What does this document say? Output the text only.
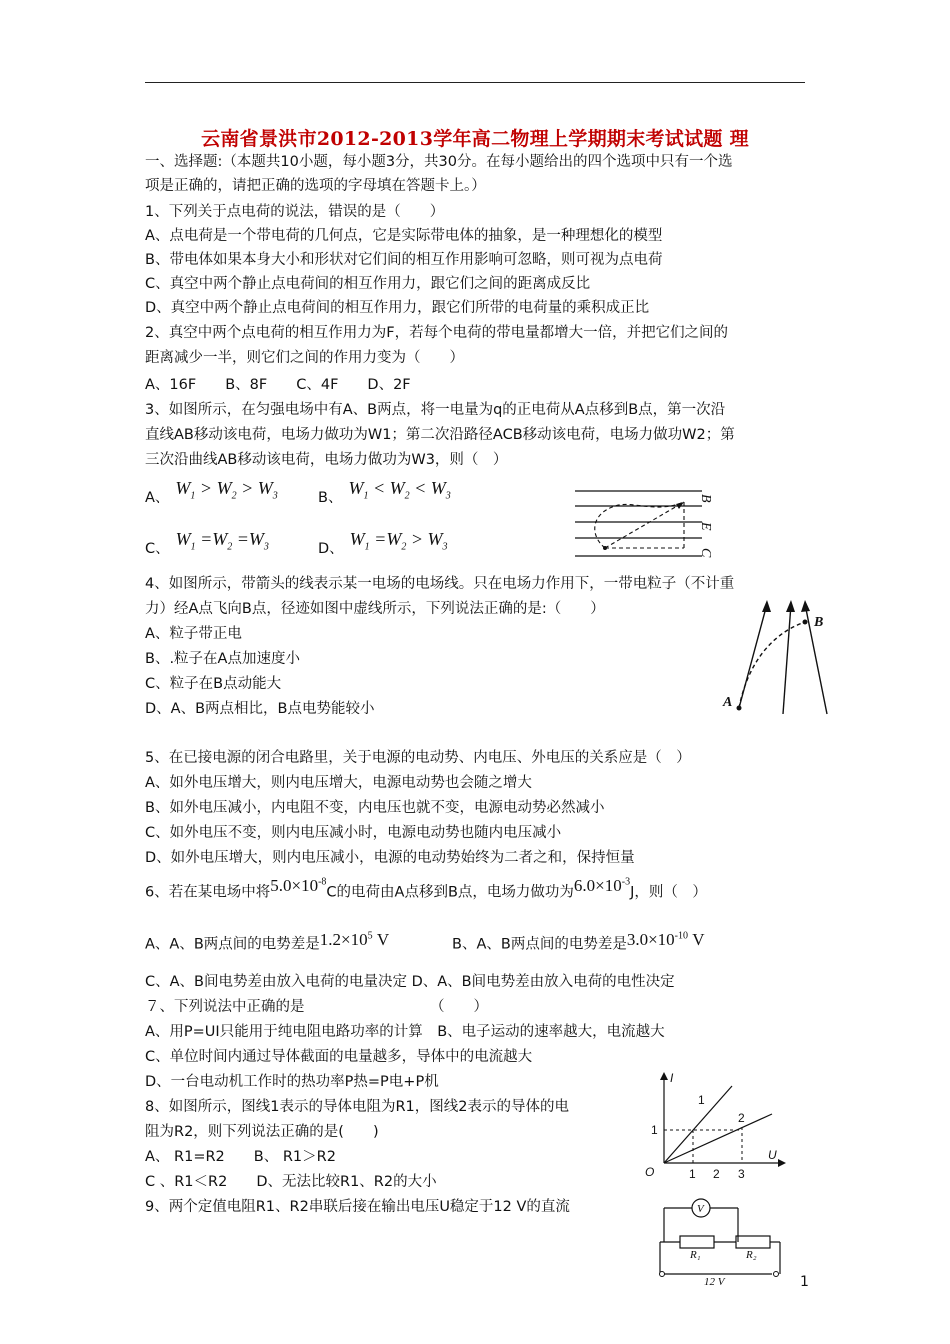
云南省景洪市2012-2013学年高二物理上学期期末考试试题 理
一、选择题:（本题共10小题，每小题3分，共30分。在每小题给出的四个选项中只有一个选
项是正确的，请把正确的选项的字母填在答题卡上。）
1、下列关于点电荷的说法，错误的是（　　）
A、点电荷是一个带电荷的几何点，它是实际带电体的抽象，是一种理想化的模型
B、带电体如果本身大小和形状对它们间的相互作用影响可忽略，则可视为点电荷
C、真空中两个静止点电荷间的相互作用力，跟它们之间的距离成反比
D、真空中两个静止点电荷间的相互作用力，跟它们所带的电荷量的乘积成正比
2、真空中两个点电荷的相互作用力为F，若每个电荷的带电量都增大一倍，并把它们之间的
距离减少一半，则它们之间的作用力变为（　　）
A、16F　　B、8F　　C、4F　　D、2F
3、如图所示，在匀强电场中有A、B两点，将一电量为q的正电荷从A点移到B点，第一次沿
直线AB移动该电荷，电场力做功为W1；第二次沿路径ACB移动该电荷，电场力做功W2；第
三次沿曲线AB移动该电荷，电场力做功为W3，则（　）
A、 $W_1 > W_2 > W_3$	B、 $W_1 < W_2 < W_3$
C、 $W_1 =W_2 =W_3$	D、 $W_1 =W_2 > W_3$
B
E
C
4、如图所示，带箭头的线表示某一电场的电场线。只在电场力作用下，一带电粒子（不计重
力）经A点飞向B点，径迹如图中虚线所示，下列说法正确的是:（　　）
A、粒子带正电
B、.粒子在A点加速度小
C、粒子在B点动能大
D、A、B两点相比，B点电势能较小	A
B
5、在已接电源的闭合电路里，关于电源的电动势、内电压、外电压的关系应是（　）
A、如外电压增大，则内电压增大，电源电动势也会随之增大
B、如外电压减小，内电阻不变，内电压也就不变，电源电动势必然减小
C、如外电压不变，则内电压减小时，电源电动势也随内电压减小
D、如外电压增大，则内电压减小，电源的电动势始终为二者之和，保持恒量
6、若在某电场中将$5.0\times 10^{-8}C$的电荷由A点移到B点，电场力做功为$6.0\times 10^{-3}J$，则（　）
A、A、B两点间的电势差是$1.2\times 10^5$ V	B、A、B两点间的电势差是$3.0\times 10^{-10}$ V
C、A、B间电势差由放入电荷的电量决定 D、A、B间电势差由放入电荷的电性决定
７、下列说法中正确的是	（　　）
A、用P=UI只能用于纯电阻电路功率的计算　B、电子运动的速率越大，电流越大
C、单位时间内通过导体截面的电量越多，导体中的电流越大
D、一台电动机工作时的热功率P热=P电+P机
8、如图所示，图线1表示的导体电阻为R1，图线2表示的导体的电
阻为R2，则下列说法正确的是(　　)
A、 R1=R2　　B、 R1＞R2
C 、R1＜R2　　D、无法比较R1、R2的大小
I
U
O	1 2 3
1
1
2
9、两个定值电阻R1、R2串联后接在输出电压U稳定于12 V的直流	V
R₁	R₂
12 V	1
